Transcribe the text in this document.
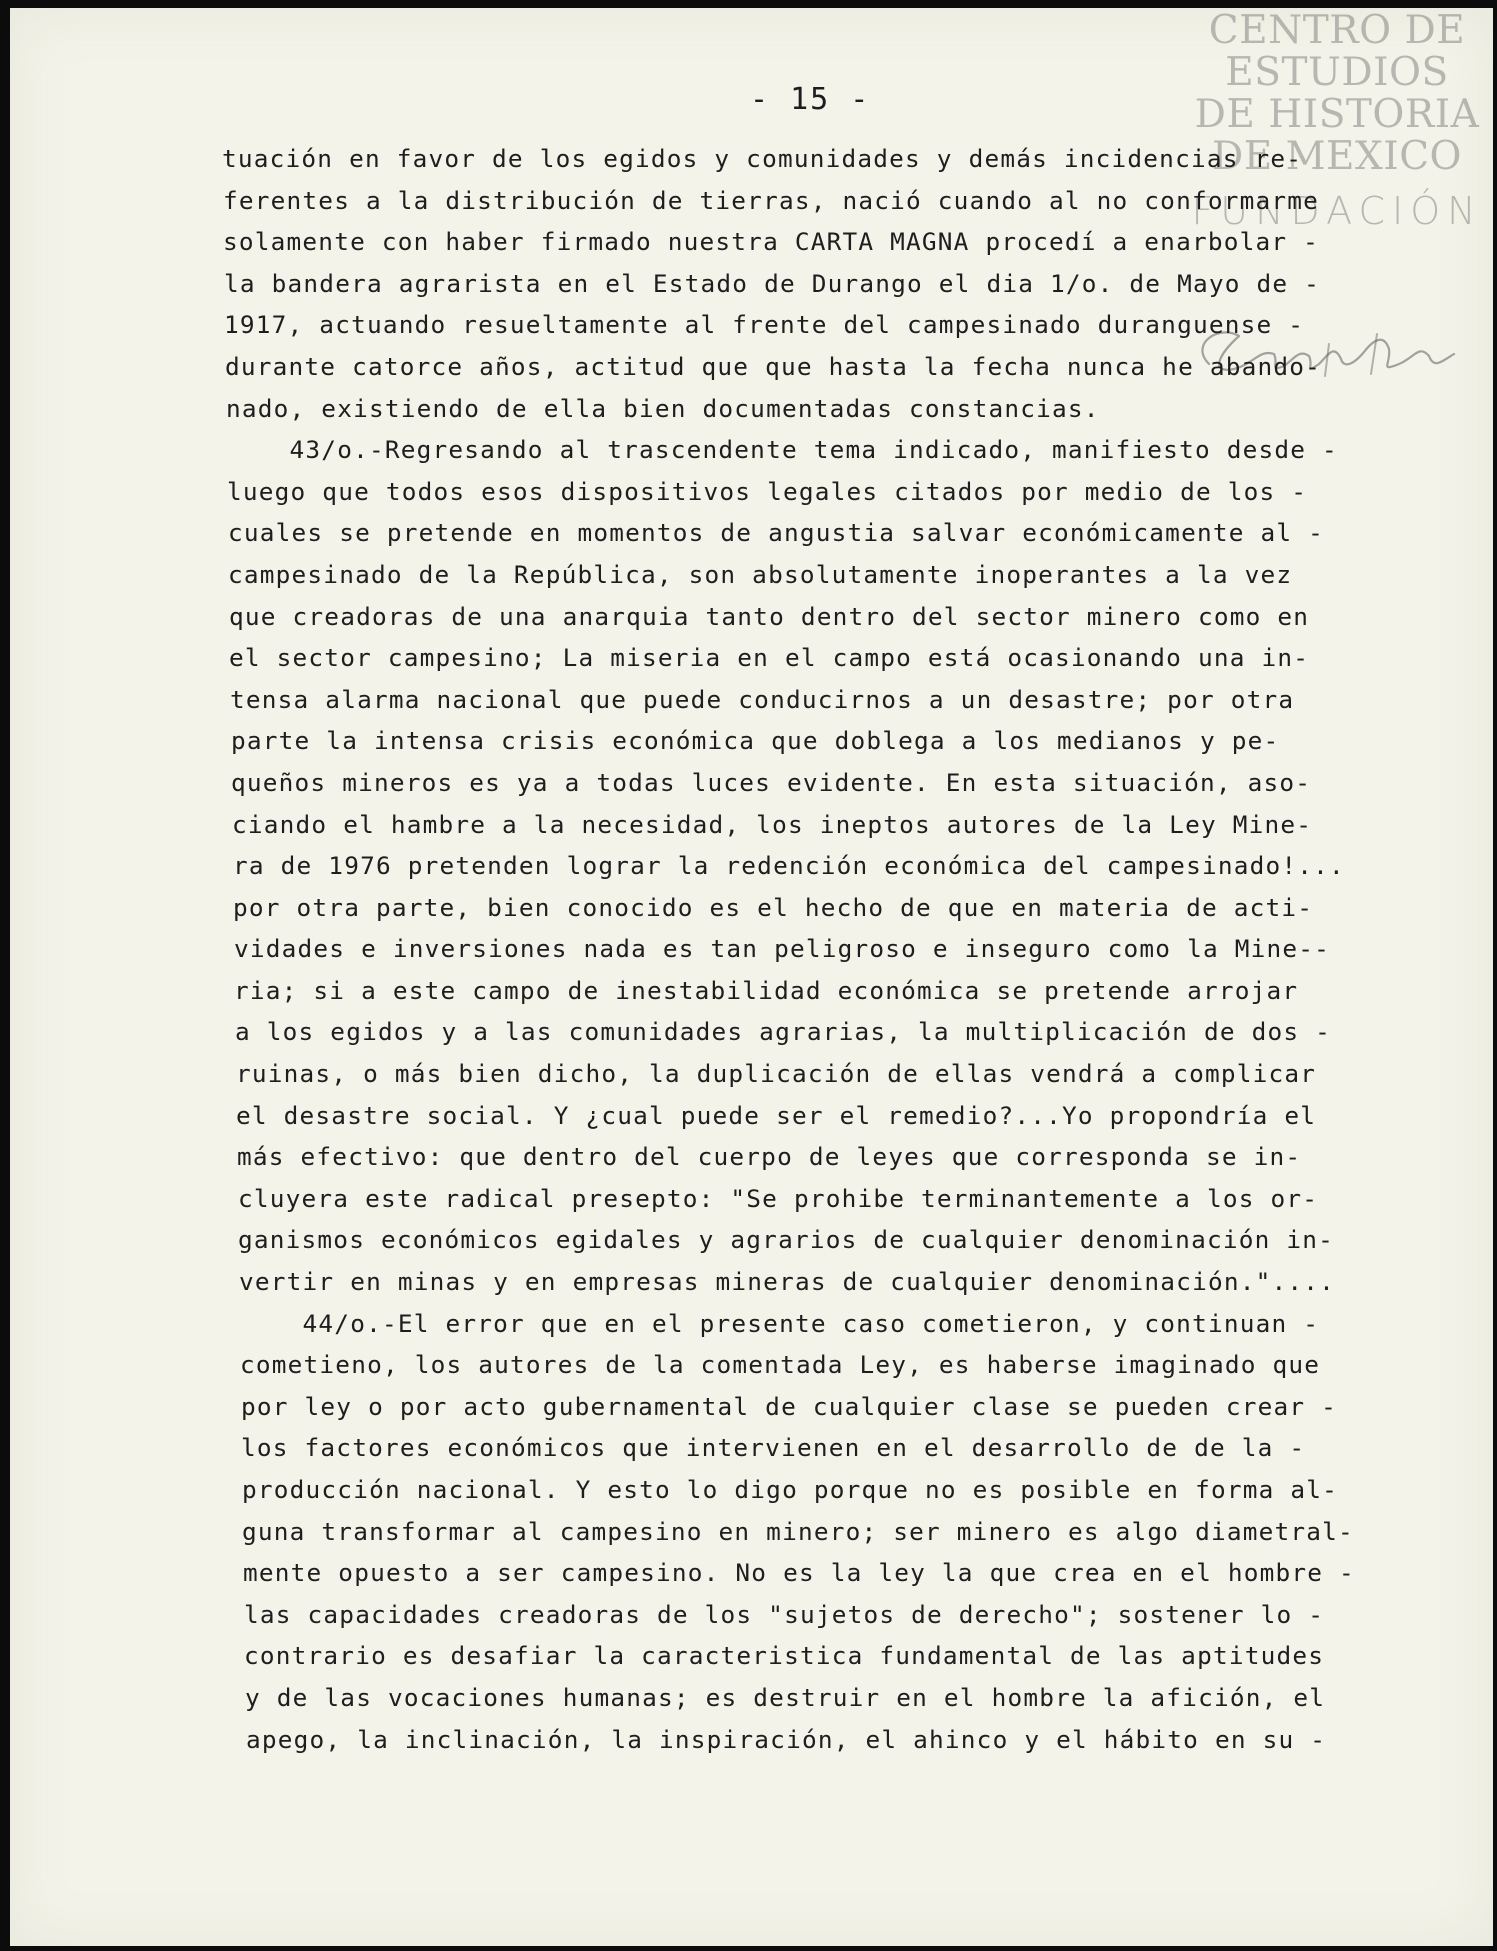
CENTRO DE
ESTUDIOS
DE HISTORIA
DE MEXICO
FUNDACIÓN
- 15 -
tuación en favor de los egidos y comunidades y demás incidencias re-
ferentes a la distribución de tierras, nació cuando al no conformarme
solamente con haber firmado nuestra CARTA MAGNA procedí a enarbolar -
la bandera agrarista en el Estado de Durango el dia 1/o. de Mayo de -
1917, actuando resueltamente al frente del campesinado duranguense -
durante catorce años, actitud que que hasta la fecha nunca he abando-
nado, existiendo de ella bien documentadas constancias.
43/o.-Regresando al trascendente tema indicado, manifiesto desde -
luego que todos esos dispositivos legales citados por medio de los -
cuales se pretende en momentos de angustia salvar económicamente al -
campesinado de la República, son absolutamente inoperantes a la vez
que creadoras de una anarquia tanto dentro del sector minero como en
el sector campesino; La miseria en el campo está ocasionando una in-
tensa alarma nacional que puede conducirnos a un desastre; por otra
parte la intensa crisis económica que doblega a los medianos y pe-
queños mineros es ya a todas luces evidente. En esta situación, aso-
ciando el hambre a la necesidad, los ineptos autores de la Ley Mine-
ra de 1976 pretenden lograr la redención económica del campesinado!...
por otra parte, bien conocido es el hecho de que en materia de acti-
vidades e inversiones nada es tan peligroso e inseguro como la Mine--
ria; si a este campo de inestabilidad económica se pretende arrojar
a los egidos y a las comunidades agrarias, la multiplicación de dos -
ruinas, o más bien dicho, la duplicación de ellas vendrá a complicar
el desastre social. Y ¿cual puede ser el remedio?...Yo propondría el
más efectivo: que dentro del cuerpo de leyes que corresponda se in-
cluyera este radical presepto: "Se prohibe terminantemente a los or-
ganismos económicos egidales y agrarios de cualquier denominación in-
vertir en minas y en empresas mineras de cualquier denominación."....
44/o.-El error que en el presente caso cometieron, y continuan -
cometieno, los autores de la comentada Ley, es haberse imaginado que
por ley o por acto gubernamental de cualquier clase se pueden crear -
los factores económicos que intervienen en el desarrollo de de la -
producción nacional. Y esto lo digo porque no es posible en forma al-
guna transformar al campesino en minero; ser minero es algo diametral-
mente opuesto a ser campesino. No es la ley la que crea en el hombre -
las capacidades creadoras de los "sujetos de derecho"; sostener lo -
contrario es desafiar la caracteristica fundamental de las aptitudes
y de las vocaciones humanas; es destruir en el hombre la afición, el
apego, la inclinación, la inspiración, el ahinco y el hábito en su -
